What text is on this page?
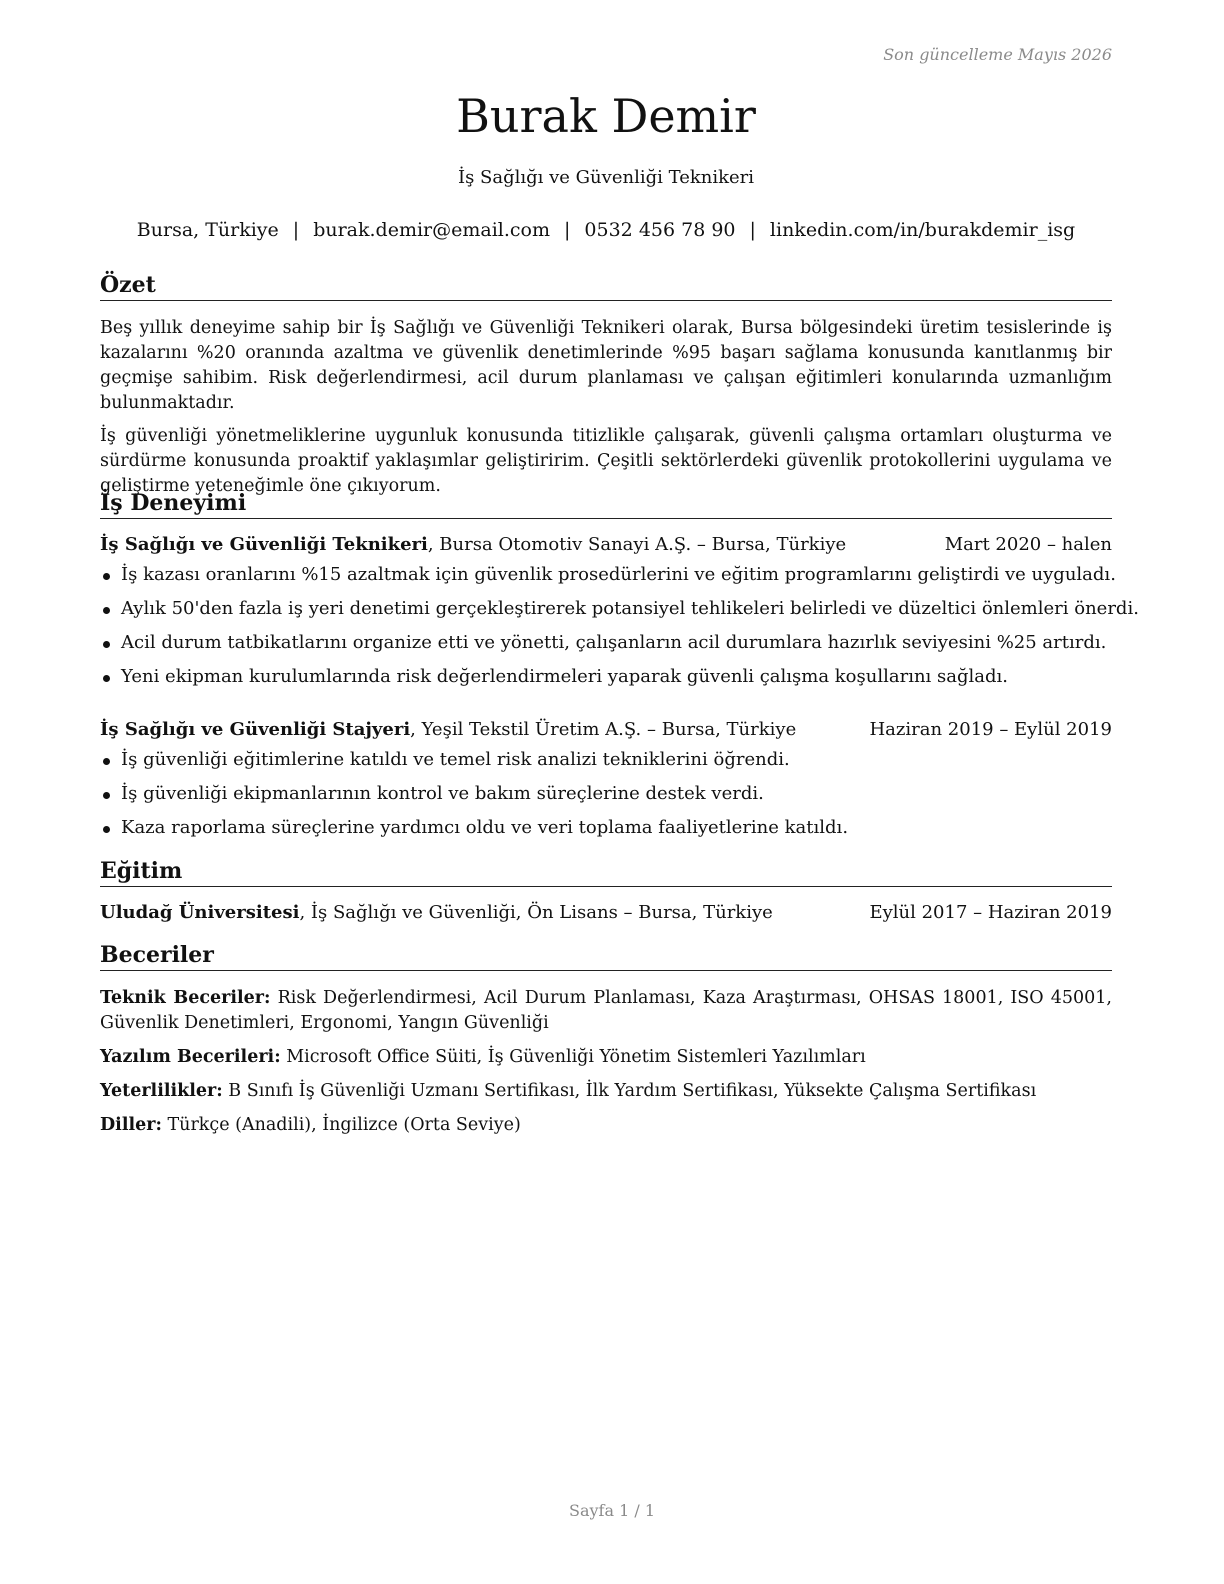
Son güncelleme Mayıs 2026
Burak Demir
İş Sağlığı ve Güvenliği Teknikeri
Bursa, Türkiye | burak.demir@email.com | 0532 456 78 90 | linkedin.com/in/burakdemir_isg
Özet

Beş yıllık deneyime sahip bir İş Sağlığı ve Güvenliği Teknikeri olarak, Bursa bölgesindeki üretim tesislerinde iş kazalarını %20 oranında azaltma ve güvenlik denetimlerinde %95 başarı sağlama konusunda kanıtlanmış bir geçmişe sahibim. Risk değerlendirmesi, acil durum planlaması ve çalışan eğitimleri konularında uzmanlığım bulunmaktadır.

İş güvenliği yönetmeliklerine uygunluk konusunda titizlikle çalışarak, güvenli çalışma ortamları oluşturma ve sürdürme konusunda proaktif yaklaşımlar geliştiririm. Çeşitli sektörlerdeki güvenlik protokollerini uygulama ve geliştirme yeteneğimle öne çıkıyorum.

İş Deneyimi
İş Sağlığı ve Güvenliği Teknikeri, Bursa Otomotiv Sanayi A.Ş. – Bursa, Türkiye	Mart 2020 – halen
İş kazası oranlarını %15 azaltmak için güvenlik prosedürlerini ve eğitim programlarını geliştirdi ve uyguladı.
Aylık 50'den fazla iş yeri denetimi gerçekleştirerek potansiyel tehlikeleri belirledi ve düzeltici önlemleri önerdi.
Acil durum tatbikatlarını organize etti ve yönetti, çalışanların acil durumlara hazırlık seviyesini %25 artırdı.
Yeni ekipman kurulumlarında risk değerlendirmeleri yaparak güvenli çalışma koşullarını sağladı.
İş Sağlığı ve Güvenliği Stajyeri, Yeşil Tekstil Üretim A.Ş. – Bursa, Türkiye	Haziran 2019 – Eylül 2019
İş güvenliği eğitimlerine katıldı ve temel risk analizi tekniklerini öğrendi.
İş güvenliği ekipmanlarının kontrol ve bakım süreçlerine destek verdi.
Kaza raporlama süreçlerine yardımcı oldu ve veri toplama faaliyetlerine katıldı.
Eğitim
Uludağ Üniversitesi, İş Sağlığı ve Güvenliği, Ön Lisans – Bursa, Türkiye	Eylül 2017 – Haziran 2019
Beceriler
Teknik Beceriler: Risk Değerlendirmesi, Acil Durum Planlaması, Kaza Araştırması, OHSAS 18001, ISO 45001, Güvenlik Denetimleri, Ergonomi, Yangın Güvenliği
Yazılım Becerileri: Microsoft Office Süiti, İş Güvenliği Yönetim Sistemleri Yazılımları
Yeterlilikler: B Sınıfı İş Güvenliği Uzmanı Sertifikası, İlk Yardım Sertifikası, Yüksekte Çalışma Sertifikası
Diller: Türkçe (Anadili), İngilizce (Orta Seviye)
Sayfa 1 / 1
